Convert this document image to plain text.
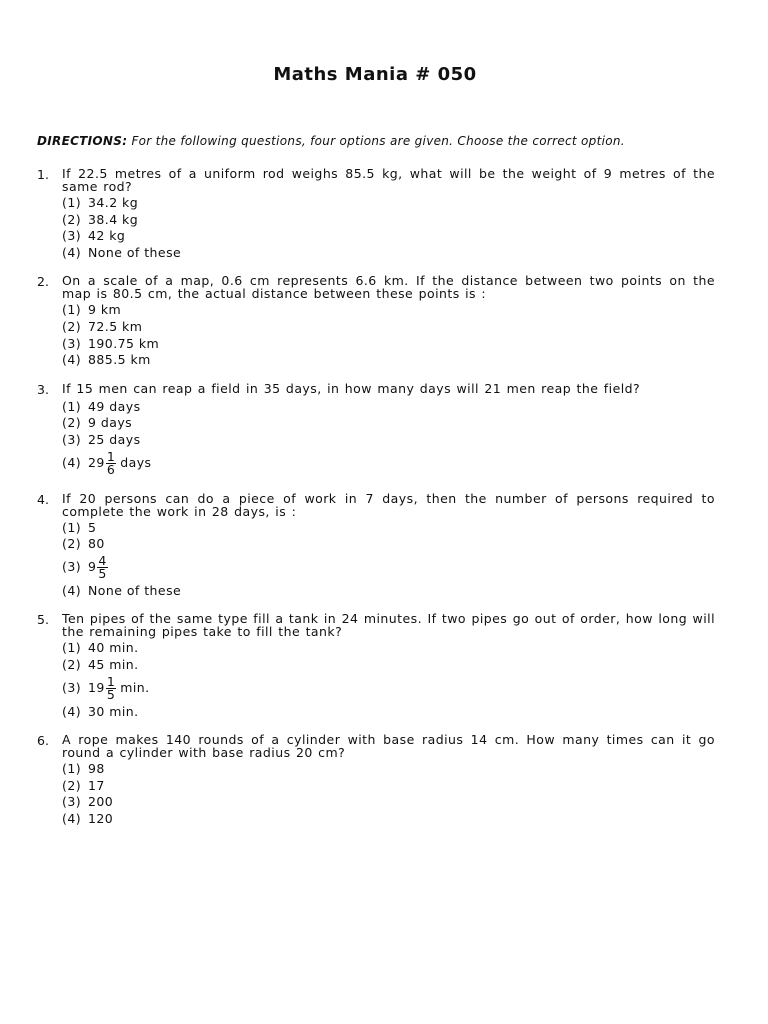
Maths Mania # 050
DIRECTIONS: For the following questions, four options are given. Choose the correct option.
1.	If 22.5 metres of a uniform rod weighs 85.5 kg, what will be the weight of 9 metres of the same rod?
(1) 34.2 kg
(2) 38.4 kg
(3) 42 kg
(4) None of these
2.	On a scale of a map, 0.6 cm represents 6.6 km. If the distance between two points on the map is 80.5 cm, the actual distance between these points is :
(1) 9 km
(2) 72.5 km
(3) 190.75 km
(4) 885.5 km
3.	If 15 men can reap a field in 35 days, in how many days will 21 men reap the field?
(1) 49 days
(2) 9 days
(3) 25 days
(4) $29 \frac{1}{6}$ days
4.	If 20 persons can do a piece of work in 7 days, then the number of persons required to complete the work in 28 days, is :
(1) 5
(2) 80
(3) $9 \frac{4}{5}$
(4) None of these
5.	Ten pipes of the same type fill a tank in 24 minutes. If two pipes go out of order, how long will the remaining pipes take to fill the tank?
(1) 40 min.
(2) 45 min.
(3) $19 \frac{1}{5} \min$.
(4) 30 min.
6.	A rope makes 140 rounds of a cylinder with base radius 14 cm. How many times can it go round a cylinder with base radius 20 cm?
(1) 98
(2) 17
(3) 200
(4) 120
